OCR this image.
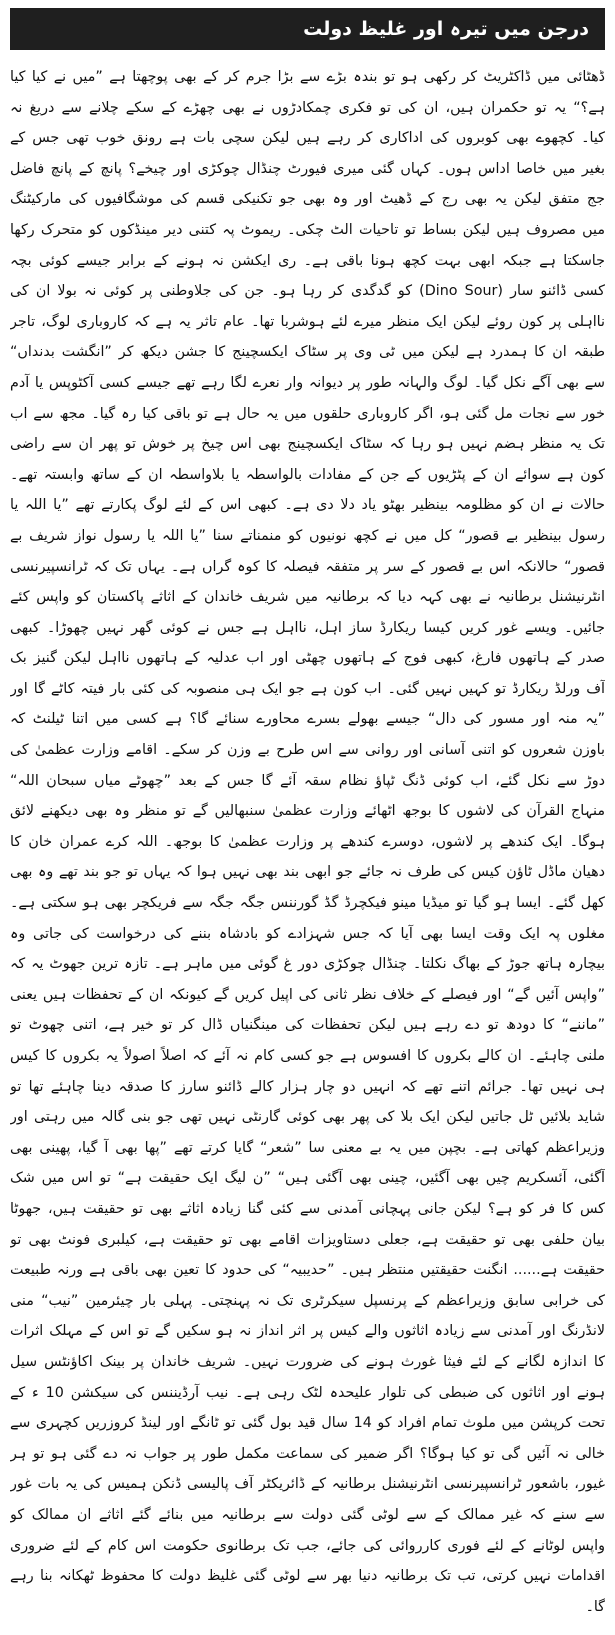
درجن میں تیرہ اور غلیظ دولت

ڈھٹائی میں ڈاکٹریٹ کر رکھی ہو تو بندہ بڑے سے بڑا جرم کر کے بھی پوچھتا ہے ”میں نے کیا کیا ہے؟“ یہ تو حکمران ہیں، ان کی تو فکری چمکادڑوں نے بھی چھڑے کے سکے چلانے سے دریغ نہ کیا۔ کچھوے بھی کوبروں کی اداکاری کر رہے ہیں لیکن سچی بات ہے رونق خوب تھی جس کے بغیر میں خاصا اداس ہوں۔ کہاں گئی میری فیورٹ چنڈال چوکڑی اور چیخے؟ پانچ کے پانچ فاضل جج متفق لیکن یہ بھی رج کے ڈھیٹ اور وہ بھی جو تکنیکی قسم کی موشگافیوں کی مارکیٹنگ میں مصروف ہیں لیکن بساط تو تاحیات الٹ چکی۔ ریموٹ پہ کتنی دیر مینڈکوں کو متحرک رکھا جاسکتا ہے جبکہ ابھی بہت کچھ ہونا باقی ہے۔ ری ایکشن نہ ہونے کے برابر جیسے کوئی بچہ کسی ڈائنو سار (Dino Sour) کو گدگدی کر رہا ہو۔ جن کی جلاوطنی پر کوئی نہ بولا ان کی نااہلی پر کون روئے لیکن ایک منظر میرے لئے ہوشربا تھا۔ عام تاثر یہ ہے کہ کاروباری لوگ، تاجر طبقہ ان کا ہمدرد ہے لیکن میں ٹی وی پر سٹاک ایکسچینج کا جشن دیکھ کر ”انگشت بدنداں“ سے بھی آگے نکل گیا۔ لوگ والہانہ طور پر دیوانہ وار نعرے لگا رہے تھے جیسے کسی آکٹوپس یا آدم خور سے نجات مل گئی ہو، اگر کاروباری حلقوں میں یہ حال ہے تو باقی کیا رہ گیا۔ مجھ سے اب تک یہ منظر ہضم نہیں ہو رہا کہ سٹاک ایکسچینج بھی اس چیخ پر خوش تو پھر ان سے راضی کون ہے سوائے ان کے پٹڑیوں کے جن کے مفادات بالواسطہ یا بلاواسطہ ان کے ساتھ وابستہ تھے۔ حالات نے ان کو مظلومہ بینظیر بھٹو یاد دلا دی ہے۔ کبھی اس کے لئے لوگ پکارتے تھے ”یا اللہ یا رسول بینظیر بے قصور“ کل میں نے کچھ نونیوں کو منمناتے سنا ”یا اللہ یا رسول نواز شریف بے قصور“ حالانکہ اس بے قصور کے سر پر متفقہ فیصلہ کا کوہ گراں ہے۔ یہاں تک کہ ٹرانسپیرنسی انٹرنیشنل برطانیہ نے بھی کہہ دیا کہ برطانیہ میں شریف خاندان کے اثاثے پاکستان کو واپس کئے جائیں۔ ویسے غور کریں کیسا ریکارڈ ساز اہل، نااہل ہے جس نے کوئی گھر نہیں چھوڑا۔ کبھی صدر کے ہاتھوں فارغ، کبھی فوج کے ہاتھوں چھٹی اور اب عدلیہ کے ہاتھوں نااہل لیکن گنیز بک آف ورلڈ ریکارڈ تو کہیں نہیں گئی۔ اب کون ہے جو ایک ہی منصوبہ کی کئی بار فیتہ کاٹے گا اور ”یہ منہ اور مسور کی دال“ جیسے بھولے بسرے محاورے سنائے گا؟ ہے کسی میں اتنا ٹیلنٹ کہ باوزن شعروں کو اتنی آسانی اور روانی سے اس طرح بے وزن کر سکے۔ اقامے وزارت عظمیٰ کی دوڑ سے نکل گئے، اب کوئی ڈنگ ٹپاؤ نظام سقہ آئے گا جس کے بعد ”چھوٹے میاں سبحان اللہ“ منہاج القرآن کی لاشوں کا بوجھ اٹھائے وزارت عظمیٰ سنبھالیں گے تو منظر وہ بھی دیکھنے لائق ہوگا۔ ایک کندھے پر لاشوں، دوسرے کندھے پر وزارت عظمیٰ کا بوجھ۔ اللہ کرے عمران خان کا دھیان ماڈل ٹاؤن کیس کی طرف نہ جائے جو ابھی بند بھی نہیں ہوا کہ یہاں تو جو بند تھے وہ بھی کھل گئے۔ ایسا ہو گیا تو میڈیا مینو فیکچرڈ گڈ گورننس جگہ جگہ سے فریکچر بھی ہو سکتی ہے۔ مغلوں پہ ایک وقت ایسا بھی آیا کہ جس شہزادے کو بادشاہ بننے کی درخواست کی جاتی وہ بیچارہ ہاتھ جوڑ کے بھاگ نکلتا۔ چنڈال چوکڑی دور غ گوئی میں ماہر ہے۔ تازہ ترین جھوٹ یہ کہ ”واپس آئیں گے“ اور فیصلے کے خلاف نظر ثانی کی اپیل کریں گے کیونکہ ان کے تحفظات ہیں یعنی ”ماننے“ کا دودھ تو دے رہے ہیں لیکن تحفظات کی مینگنیاں ڈال کر تو خیر ہے، اتنی چھوٹ تو ملنی چاہئے۔ ان کالے بکروں کا افسوس ہے جو کسی کام نہ آئے کہ اصلاً اصولاً یہ بکروں کا کیس ہی نہیں تھا۔ جرائم اتنے تھے کہ انہیں دو چار ہزار کالے ڈائنو سارز کا صدقہ دینا چاہئے تھا تو شاید بلائیں ٹل جاتیں لیکن ایک بلا کی پھر بھی کوئی گارنٹی نہیں تھی جو بنی گالہ میں رہتی اور وزیراعظم کھاتی ہے۔ بچپن میں یہ بے معنی سا ”شعر“ گایا کرتے تھے ”پھا بھی آ گیا، پھینی بھی آگئی، آئسکریم چیں بھی آگئیں، چینی بھی آگئی ہیں“ ”ن لیگ ایک حقیقت ہے“ تو اس میں شک کس کا فر کو ہے؟ لیکن جانی پہچانی آمدنی سے کئی گنا زیادہ اثاثے بھی تو حقیقت ہیں، جھوٹا بیان حلفی بھی تو حقیقت ہے، جعلی دستاویزات اقامے بھی تو حقیقت ہے، کیلبری فونٹ بھی تو حقیقت ہے...... انگنت حقیقتیں منتظر ہیں۔ ”حدیبیہ“ کی حدود کا تعین بھی باقی ہے ورنہ طبیعت کی خرابی سابق وزیراعظم کے پرنسپل سیکرٹری تک نہ پہنچتی۔ پہلی بار چیئرمین ”نیب“ منی لانڈرنگ اور آمدنی سے زیادہ اثاثوں والے کیس پر اثر انداز نہ ہو سکیں گے تو اس کے مہلک اثرات کا اندازہ لگانے کے لئے فیثا غورث ہونے کی ضرورت نہیں۔ شریف خاندان پر بینک اکاؤنٹس سیل ہونے اور اثاثوں کی ضبطی کی تلوار علیحدہ لٹک رہی ہے۔ نیب آرڈیننس کی سیکشن 10 ‎ء کے تحت کرپشن میں ملوث تمام افراد کو 14 سال قید بول گئی تو ٹانگے اور لینڈ کروزریں کچہری سے خالی نہ آئیں گی تو کیا ہوگا؟ اگر ضمیر کی سماعت مکمل طور پر جواب نہ دے گئی ہو تو ہر غیور، باشعور ٹرانسپیرنسی انٹرنیشنل برطانیہ کے ڈائریکٹر آف پالیسی ڈنکن ہمیس کی یہ بات غور سے سنے کہ غیر ممالک کے سے لوٹی گئی دولت سے برطانیہ میں بنائے گئے اثاثے ان ممالک کو واپس لوٹانے کے لئے فوری کارروائی کی جائے، جب تک برطانوی حکومت اس کام کے لئے ضروری اقدامات نہیں کرتی، تب تک برطانیہ دنیا بھر سے لوٹی گئی غلیظ دولت کا محفوظ ٹھکانہ بنا رہے گا۔
